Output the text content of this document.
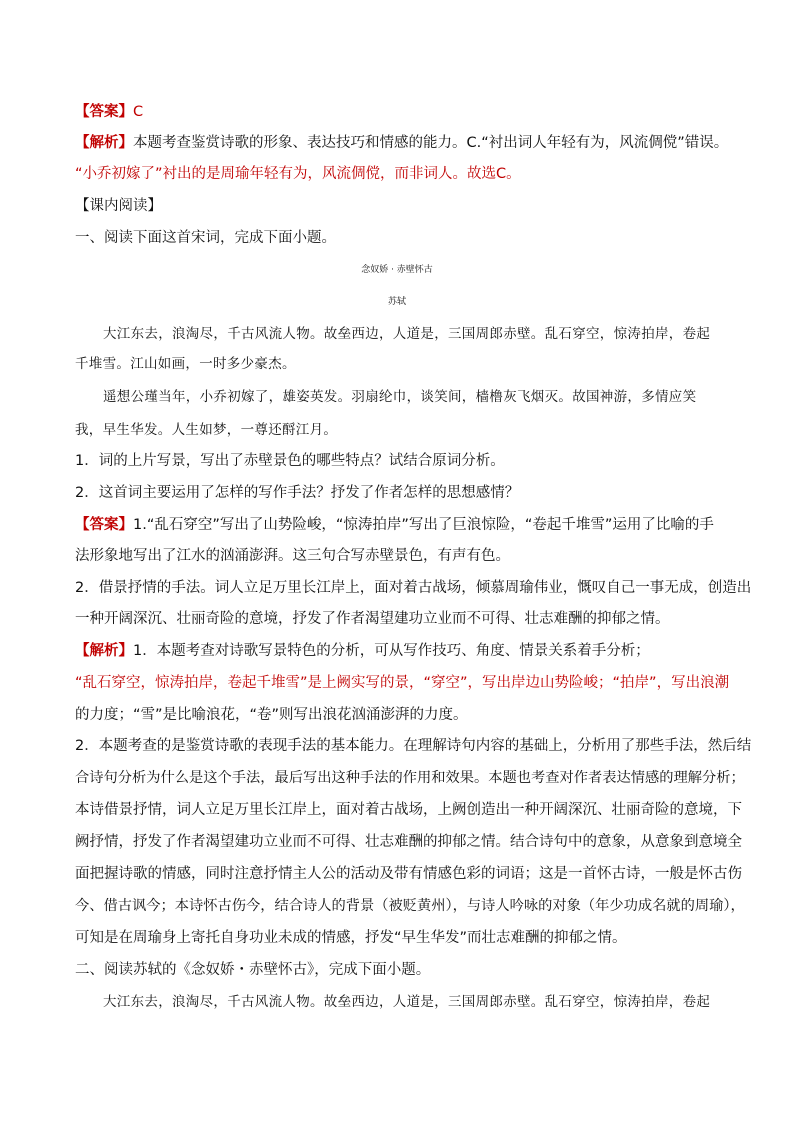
【答案】C
【解析】本题考查鉴赏诗歌的形象、表达技巧和情感的能力。C.“衬出词人年轻有为，风流倜傥”错误。
“小乔初嫁了”衬出的是周瑜年轻有为，风流倜傥，而非词人。故选C。
【课内阅读】
一、阅读下面这首宋词，完成下面小题。
念奴娇 · 赤壁怀古
苏轼
大江东去，浪淘尽，千古风流人物。故垒西边，人道是，三国周郎赤壁。乱石穿空，惊涛拍岸，卷起
千堆雪。江山如画，一时多少豪杰。
遥想公瑾当年，小乔初嫁了，雄姿英发。羽扇纶巾，谈笑间，樯橹灰飞烟灭。故国神游，多情应笑
我，早生华发。人生如梦，一尊还酹江月。
1．词的上片写景，写出了赤壁景色的哪些特点？试结合原词分析。
2．这首词主要运用了怎样的写作手法？抒发了作者怎样的思想感情？
【答案】1.“乱石穿空”写出了山势险峻，“惊涛拍岸”写出了巨浪惊险，“卷起千堆雪”运用了比喻的手
法形象地写出了江水的汹涌澎湃。这三句合写赤壁景色，有声有色。
2．借景抒情的手法。词人立足万里长江岸上，面对着古战场，倾慕周瑜伟业，慨叹自己一事无成，创造出
一种开阔深沉、壮丽奇险的意境，抒发了作者渴望建功立业而不可得、壮志难酬的抑郁之情。
【解析】1．本题考查对诗歌写景特色的分析，可从写作技巧、角度、情景关系着手分析；
“乱石穿空，惊涛拍岸，卷起千堆雪”是上阙实写的景，“穿空”，写出岸边山势险峻；“拍岸”，写出浪潮
的力度；“雪”是比喻浪花，“卷”则写出浪花汹涌澎湃的力度。
2．本题考查的是鉴赏诗歌的表现手法的基本能力。在理解诗句内容的基础上，分析用了那些手法，然后结
合诗句分析为什么是这个手法，最后写出这种手法的作用和效果。本题也考查对作者表达情感的理解分析；
本诗借景抒情，词人立足万里长江岸上，面对着古战场，上阙创造出一种开阔深沉、壮丽奇险的意境，下
阙抒情，抒发了作者渴望建功立业而不可得、壮志难酬的抑郁之情。结合诗句中的意象，从意象到意境全
面把握诗歌的情感，同时注意抒情主人公的活动及带有情感色彩的词语；这是一首怀古诗，一般是怀古伤
今、借古讽今；本诗怀古伤今，结合诗人的背景（被贬黄州），与诗人吟咏的对象（年少功成名就的周瑜），
可知是在周瑜身上寄托自身功业未成的情感，抒发“早生华发”而壮志难酬的抑郁之情。
二、阅读苏轼的《念奴娇・赤壁怀古》，完成下面小题。
大江东去，浪淘尽，千古风流人物。故垒西边，人道是，三国周郎赤壁。乱石穿空，惊涛拍岸，卷起
